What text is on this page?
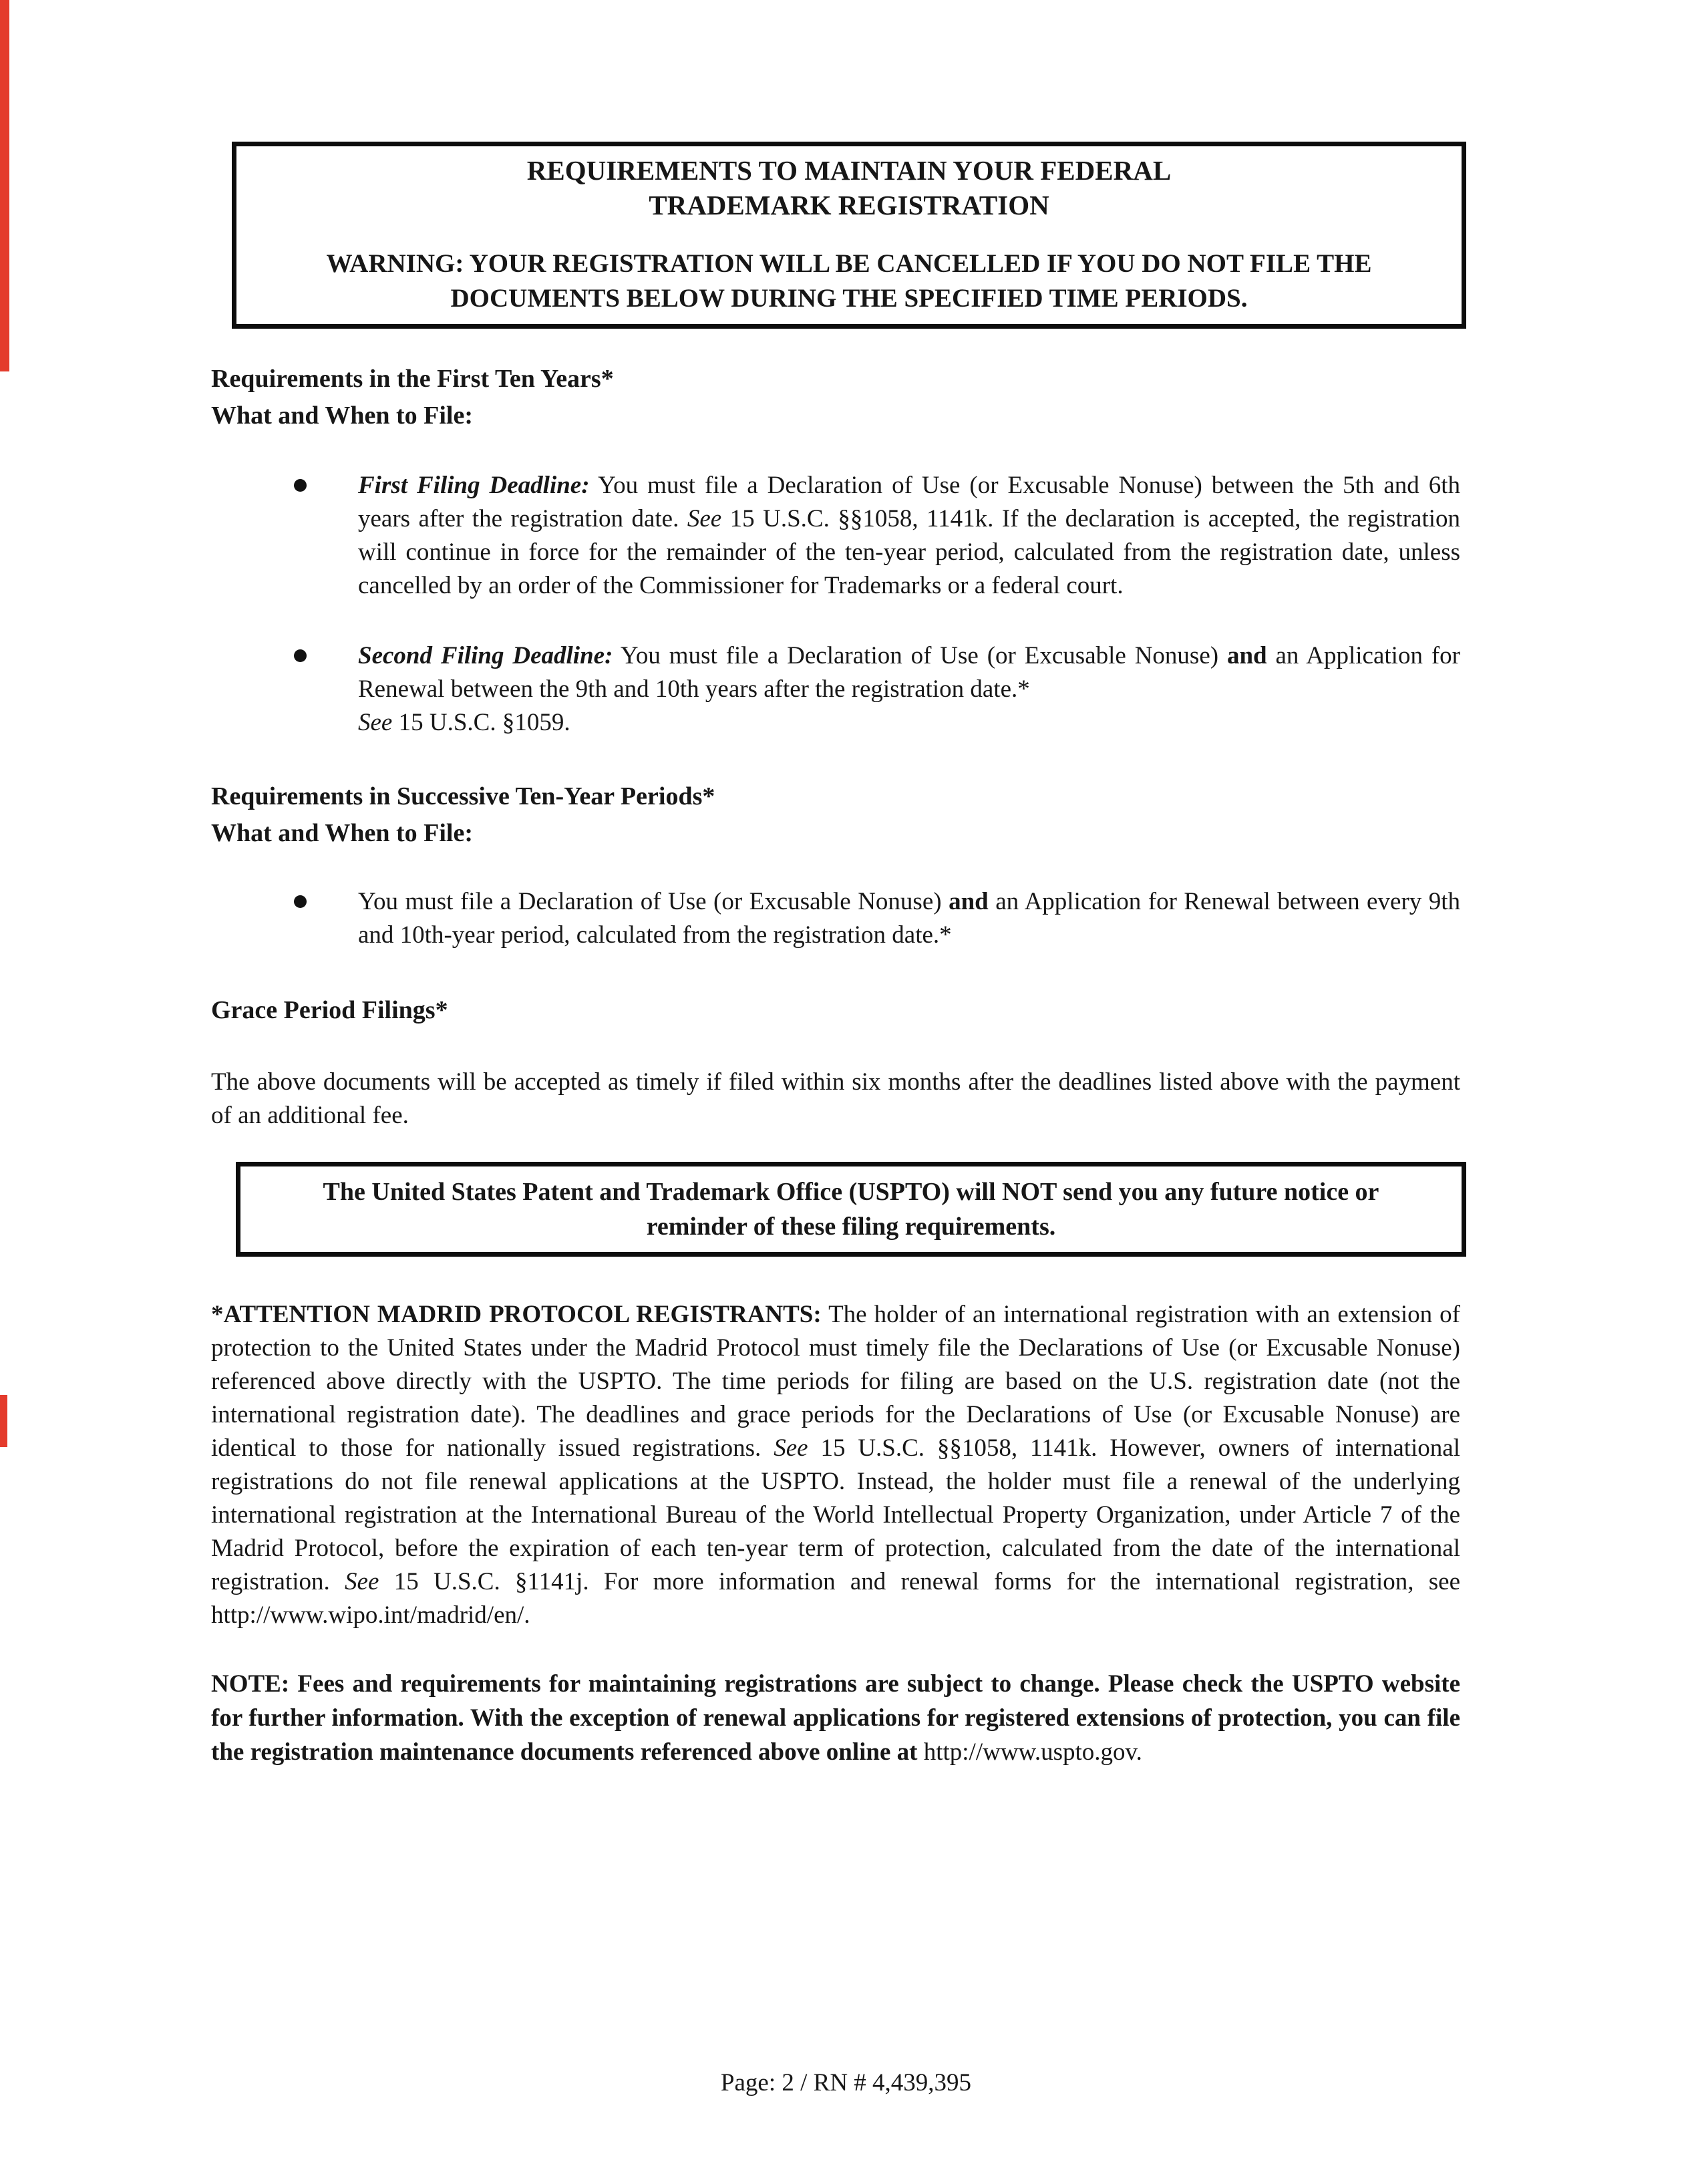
REQUIREMENTS TO MAINTAIN YOUR FEDERAL
TRADEMARK REGISTRATION
WARNING: YOUR REGISTRATION WILL BE CANCELLED IF YOU DO NOT FILE THE
DOCUMENTS BELOW DURING THE SPECIFIED TIME PERIODS.
Requirements in the First Ten Years*
What and When to File:
First Filing Deadline: You must file a Declaration of Use (or Excusable Nonuse) between the 5th and 6th years after the registration date. See 15 U.S.C. §§1058, 1141k. If the declaration is accepted, the registration will continue in force for the remainder of the ten-year period, calculated from the registration date, unless cancelled by an order of the Commissioner for Trademarks or a federal court.
Second Filing Deadline: You must file a Declaration of Use (or Excusable Nonuse) and an Application for Renewal between the 9th and 10th years after the registration date.*
See 15 U.S.C. §1059.
Requirements in Successive Ten-Year Periods*
What and When to File:
You must file a Declaration of Use (or Excusable Nonuse) and an Application for Renewal between every 9th and 10th-year period, calculated from the registration date.*
Grace Period Filings*
The above documents will be accepted as timely if filed within six months after the deadlines listed above with the payment of an additional fee.
The United States Patent and Trademark Office (USPTO) will NOT send you any future notice or
reminder of these filing requirements.
*ATTENTION MADRID PROTOCOL REGISTRANTS: The holder of an international registration with an extension of protection to the United States under the Madrid Protocol must timely file the Declarations of Use (or Excusable Nonuse) referenced above directly with the USPTO. The time periods for filing are based on the U.S. registration date (not the international registration date). The deadlines and grace periods for the Declarations of Use (or Excusable Nonuse) are identical to those for nationally issued registrations. See 15 U.S.C. §§1058, 1141k. However, owners of international registrations do not file renewal applications at the USPTO. Instead, the holder must file a renewal of the underlying international registration at the International Bureau of the World Intellectual Property Organization, under Article 7 of the Madrid Protocol, before the expiration of each ten-year term of protection, calculated from the date of the international registration. See 15 U.S.C. §1141j. For more information and renewal forms for the international registration, see http://www.wipo.int/madrid/en/.
NOTE: Fees and requirements for maintaining registrations are subject to change. Please check the USPTO website for further information. With the exception of renewal applications for registered extensions of protection, you can file the registration maintenance documents referenced above online at http://www.uspto.gov.
Page: 2 / RN # 4,439,395
